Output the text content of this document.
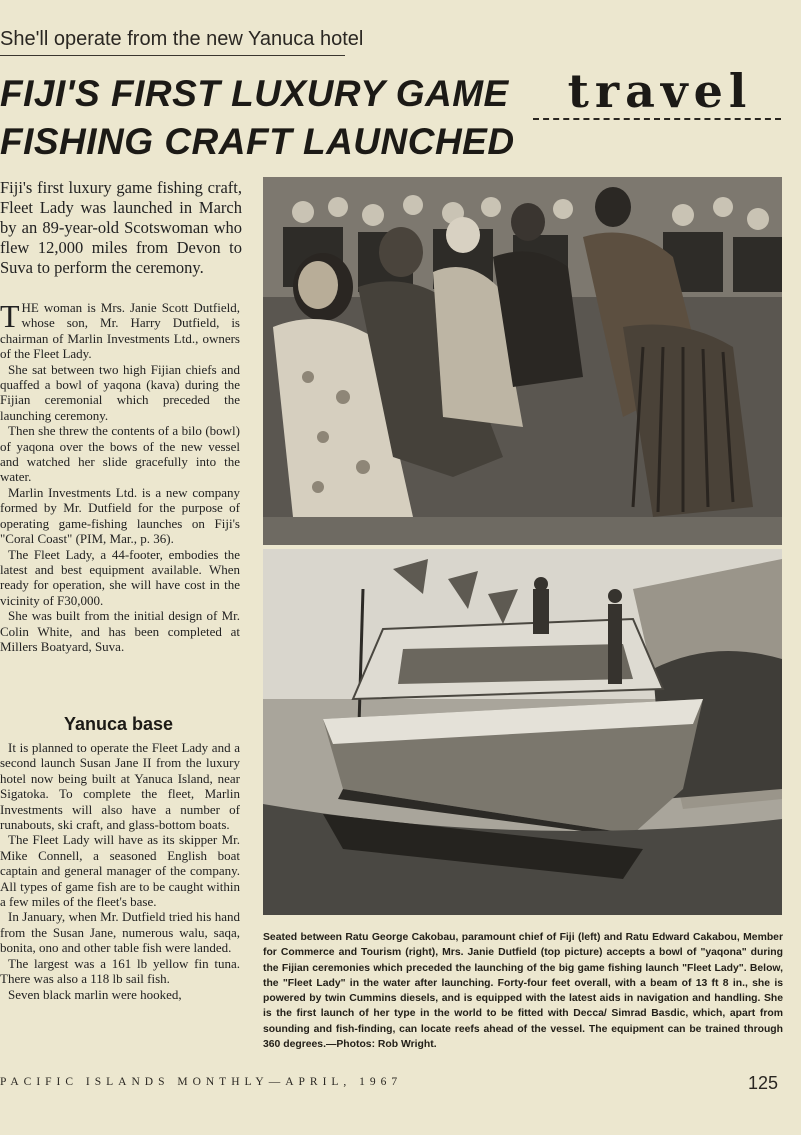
She'll operate from the new Yanuca hotel
FIJI'S FIRST LUXURY GAME
FISHING CRAFT LAUNCHED
travel
Fiji's first luxury game fishing craft, Fleet Lady was launched in March by an 89-year-old Scotswoman who flew 12,000 miles from Devon to Suva to perform the ceremony.

THE woman is Mrs. Janie Scott Dutfield, whose son, Mr. Harry Dutfield, is chairman of Marlin Investments Ltd., owners of the Fleet Lady.

She sat between two high Fijian chiefs and quaffed a bowl of yaqona (kava) during the Fijian ceremonial which preceded the launching ceremony.

Then she threw the contents of a bilo (bowl) of yaqona over the bows of the new vessel and watched her slide gracefully into the water.

Marlin Investments Ltd. is a new company formed by Mr. Dutfield for the purpose of operating game-fishing launches on Fiji's "Coral Coast" (PIM, Mar., p. 36).

The Fleet Lady, a 44-footer, embodies the latest and best equipment available. When ready for operation, she will have cost in the vicinity of F30,000.

She was built from the initial design of Mr. Colin White, and has been completed at Millers Boatyard, Suva.

Yanuca base

It is planned to operate the Fleet Lady and a second launch Susan Jane II from the luxury hotel now being built at Yanuca Island, near Sigatoka. To complete the fleet, Marlin Investments will also have a number of runabouts, ski craft, and glass-bottom boats.

The Fleet Lady will have as its skipper Mr. Mike Connell, a seasoned English boat captain and general manager of the company. All types of game fish are to be caught within a few miles of the fleet's base.

In January, when Mr. Dutfield tried his hand from the Susan Jane, numerous walu, saqa, bonita, ono and other table fish were landed.

The largest was a 161 lb yellow fin tuna. There was also a 118 lb sail fish.

Seven black marlin were hooked,

Seated between Ratu George Cakobau, paramount chief of Fiji (left) and Ratu Edward Cakabou, Member for Commerce and Tourism (right), Mrs. Janie Dutfield (top picture) accepts a bowl of "yaqona" during the Fijian ceremonies which preceded the launching of the big game fishing launch "Fleet Lady". Below, the "Fleet Lady" in the water after launching. Forty-four feet overall, with a beam of 13 ft 8 in., she is powered by twin Cummins diesels, and is equipped with the latest aids in navigation and handling. She is the first launch of her type in the world to be fitted with Decca/ Simrad Basdic, which, apart from sounding and fish-finding, can locate reefs ahead of the vessel. The equipment can be trained through 360 degrees.—Photos: Rob Wright.
PACIFIC ISLANDS MONTHLY—APRIL, 1967	125
